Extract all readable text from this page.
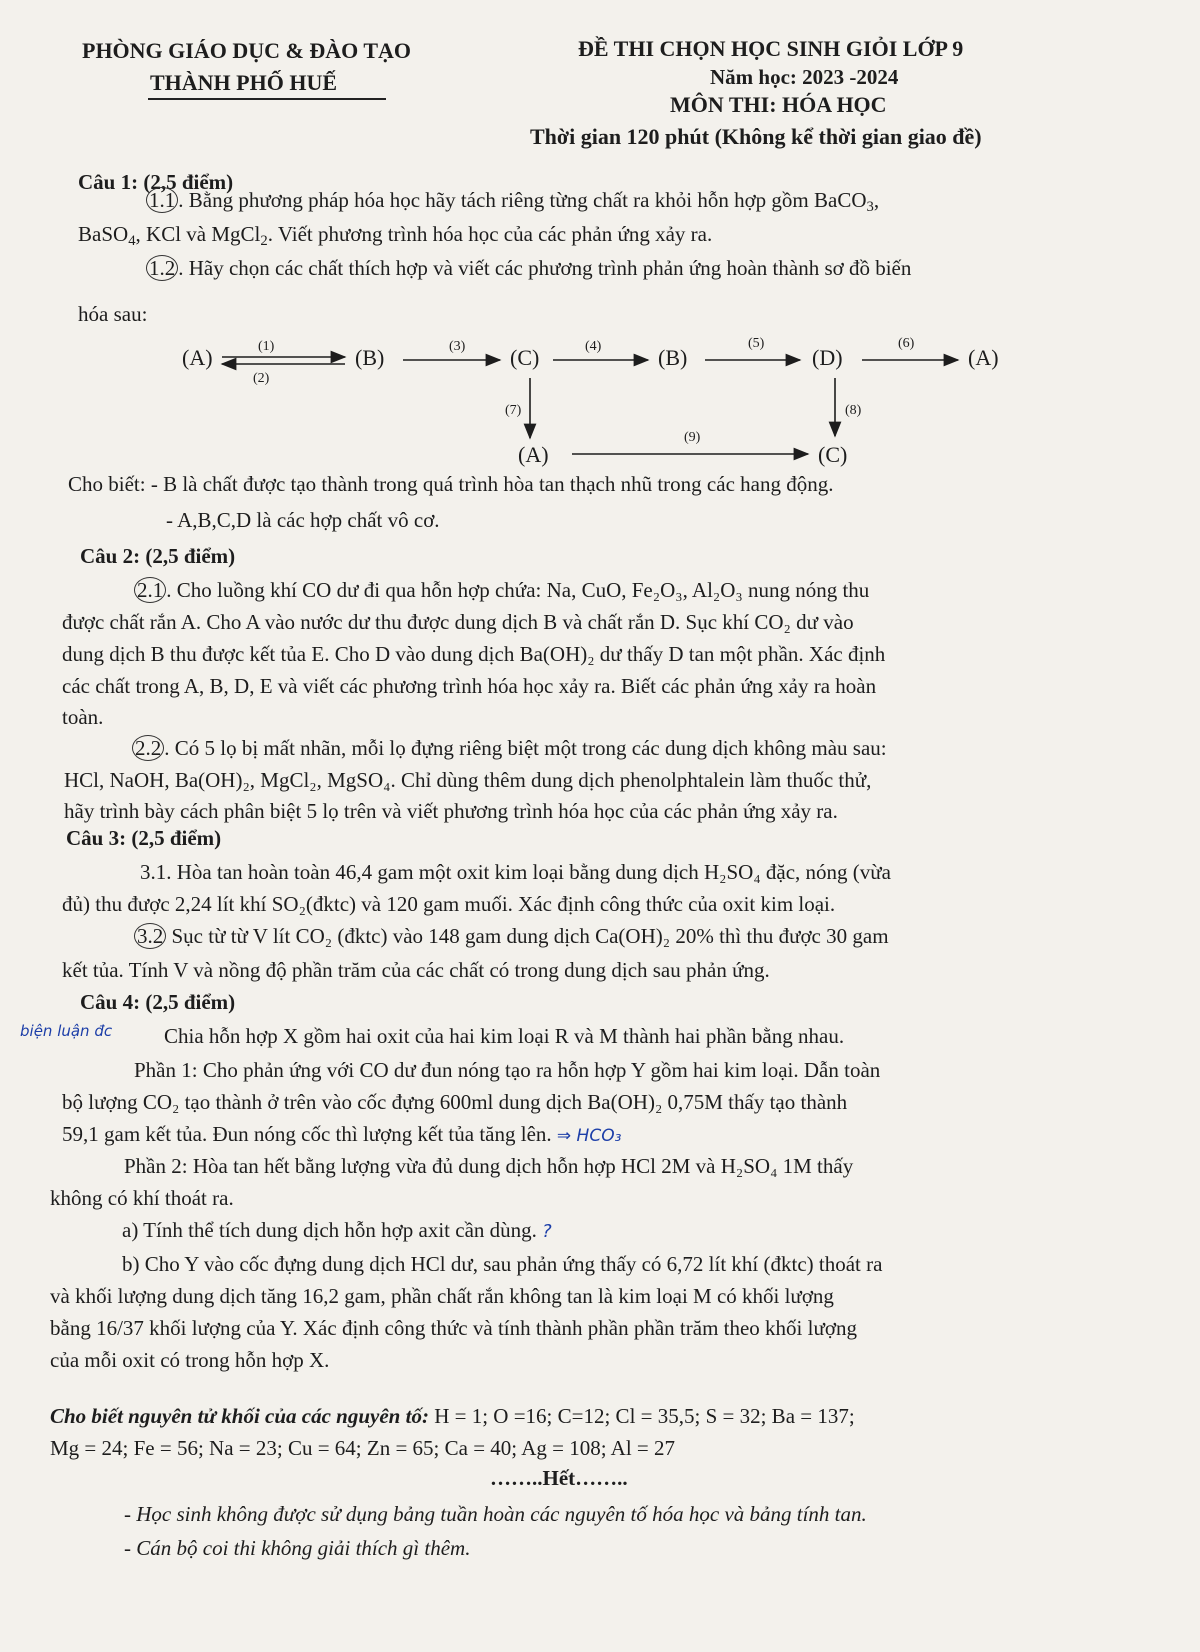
PHÒNG GIÁO DỤC & ĐÀO TẠO
THÀNH PHỐ HUẾ
ĐỀ THI CHỌN HỌC SINH GIỎI LỚP 9
Năm học: 2023 -2024
MÔN THI: HÓA HỌC
Thời gian 120 phút (Không kể thời gian giao đề)
Câu 1: (2,5 điểm)
1.1 . Bằng phương pháp hóa học hãy tách riêng từng chất ra khỏi hỗn hợp gồm BaCO$_3$,
BaSO$_4$, KCl và MgCl$_2$. Viết phương trình hóa học của các phản ứng xảy ra.
1.2 . Hãy chọn các chất thích hợp và viết các phương trình phản ứng hoàn thành sơ đồ biến
hóa sau:
(A)	(B)	(C)	(B)	(D)	(A)
(A)	(C)
(1)
(2)
(3)	(4)	(5)	(6)
(7)	(8)
(9)
Cho biết: - B là chất được tạo thành trong quá trình hòa tan thạch nhũ trong các hang động.
- A,B,C,D là các hợp chất vô cơ.
Câu 2: (2,5 điểm)
2.1 . Cho luồng khí CO dư đi qua hỗn hợp chứa: Na, CuO, Fe₂O₃, Al₂O₃ nung nóng thu
được chất rắn A. Cho A vào nước dư thu được dung dịch B và chất rắn D. Sục khí CO₂ dư vào
dung dịch B thu được kết tủa E. Cho D vào dung dịch Ba(OH)₂ dư thấy D tan một phần. Xác định
các chất trong A, B, D, E và viết các phương trình hóa học xảy ra. Biết các phản ứng xảy ra hoàn
toàn.
2.2 . Có 5 lọ bị mất nhãn, mỗi lọ đựng riêng biệt một trong các dung dịch không màu sau:
HCl, NaOH, Ba(OH)₂, MgCl₂, MgSO₄. Chỉ dùng thêm dung dịch phenolphtalein làm thuốc thử,
hãy trình bày cách phân biệt 5 lọ trên và viết phương trình hóa học của các phản ứng xảy ra.
Câu 3: (2,5 điểm)
3.1. Hòa tan hoàn toàn 46,4 gam một oxit kim loại bằng dung dịch H₂SO₄ đặc, nóng (vừa
đủ) thu được 2,24 lít khí SO₂(đktc) và 120 gam muối. Xác định công thức của oxit kim loại.
3.2 Sục từ từ V lít CO₂ (đktc) vào 148 gam dung dịch Ca(OH)₂ 20% thì thu được 30 gam
kết tủa. Tính V và nồng độ phần trăm của các chất có trong dung dịch sau phản ứng.
Câu 4: (2,5 điểm)
biện luận đc Chia hỗn hợp X gồm hai oxit của hai kim loại R và M thành hai phần bằng nhau.
Phần 1: Cho phản ứng với CO dư đun nóng tạo ra hỗn hợp Y gồm hai kim loại. Dẫn toàn
bộ lượng CO₂ tạo thành ở trên vào cốc đựng 600ml dung dịch Ba(OH)₂ 0,75M thấy tạo thành
59,1 gam kết tủa. Đun nóng cốc thì lượng kết tủa tăng lên. ⇒ HCO₃
Phần 2: Hòa tan hết bằng lượng vừa đủ dung dịch hỗn hợp HCl 2M và H₂SO₄ 1M thấy
không có khí thoát ra.
a) Tính thể tích dung dịch hỗn hợp axit cần dùng. ?
b) Cho Y vào cốc đựng dung dịch HCl dư, sau phản ứng thấy có 6,72 lít khí (đktc) thoát ra
và khối lượng dung dịch tăng 16,2 gam, phần chất rắn không tan là kim loại M có khối lượng
bằng 16/37 khối lượng của Y. Xác định công thức và tính thành phần phần trăm theo khối lượng
của mỗi oxit có trong hỗn hợp X.
Cho biết nguyên tử khối của các nguyên tố: H = 1; O =16; C=12; Cl = 35,5; S = 32; Ba = 137;
Mg = 24; Fe = 56; Na = 23; Cu = 64; Zn = 65; Ca = 40; Ag = 108; Al = 27
……..Hết……..
- Học sinh không được sử dụng bảng tuần hoàn các nguyên tố hóa học và bảng tính tan.
- Cán bộ coi thi không giải thích gì thêm.
